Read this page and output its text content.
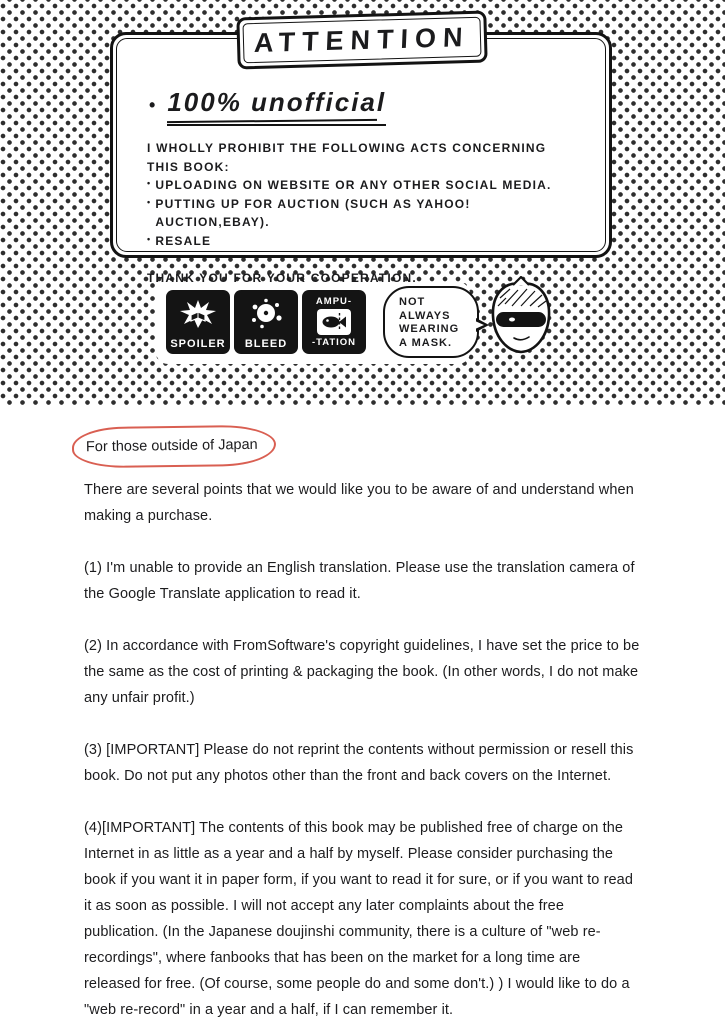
• 100% unofficial
I WHOLLY PROHIBIT THE FOLLOWING ACTS CONCERNING THIS BOOK:
• UPLOADING ON WEBSITE OR ANY OTHER SOCIAL MEDIA.
• PUTTING UP FOR AUCTION (SUCH AS YAHOO! AUCTION,EBAY).
• RESALE
THANK YOU FOR YOUR COOPERATION.
ATTENTION
SPOILER BLEED
AMPU-
-TATION
NOT
ALWAYS
WEARING
A MASK.
For those outside of Japan

There are several points that we would like you to be aware of and understand when making a purchase.

(1) I'm unable to provide an English translation. Please use the translation camera of the Google Translate application to read it.

(2) In accordance with FromSoftware's copyright guidelines, I have set the price to be the same as the cost of printing & packaging the book. (In other words, I do not make any unfair profit.)

(3) [IMPORTANT] Please do not reprint the contents without permission or resell this book. Do not put any photos other than the front and back covers on the Internet.

(4)[IMPORTANT] The contents of this book may be published free of charge on the Internet in as little as a year and a half by myself. Please consider purchasing the book if you want it in paper form, if you want to read it for sure, or if you want to read it as soon as possible. I will not accept any later complaints about the free publication. (In the Japanese doujinshi community, there is a culture of "web re-recordings", where fanbooks that has been on the market for a long time are released for free. (Of course, some people do and some don't.) ) I would like to do a "web re-record" in a year and a half, if I can remember it.
